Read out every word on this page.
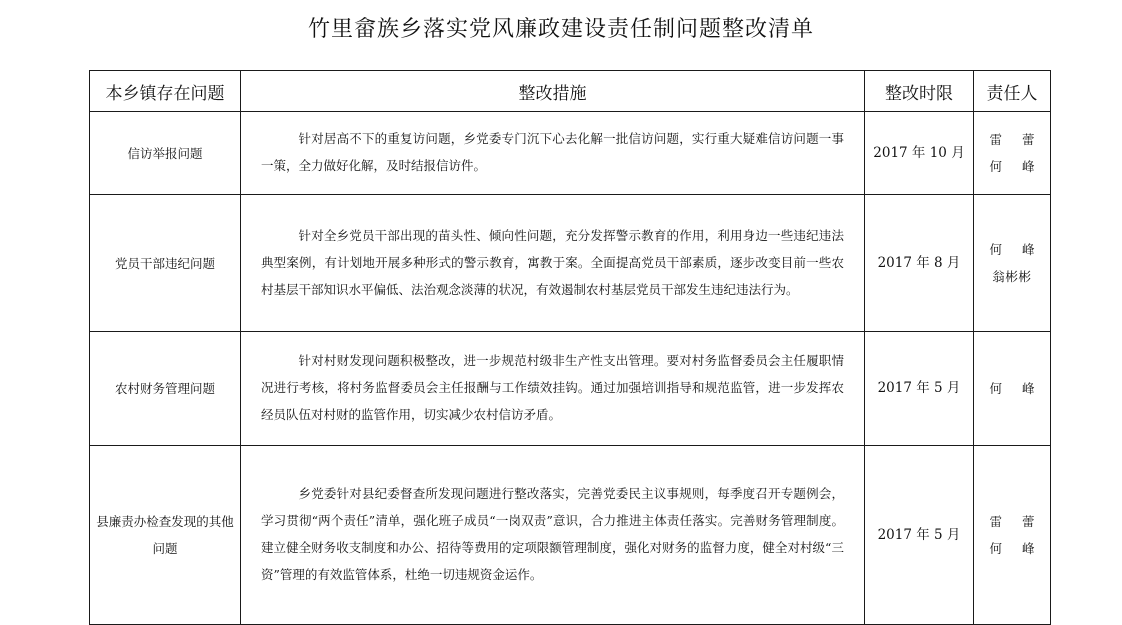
竹里畲族乡落实党风廉政建设责任制问题整改清单
本乡镇存在问题	整改措施	整改时限	责任人
信访举报问题	针对居高不下的重复访问题，乡党委专门沉下心去化解一批信访问题，实行重大疑难信访问题一事一策，全力做好化解，及时结报信访件。	2017 年 10 月	雷蕾
何峰

党员干部违纪问题	针对全乡党员干部出现的苗头性、倾向性问题，充分发挥警示教育的作用，利用身边一些违纪违法典型案例，有计划地开展多种形式的警示教育，寓教于案。全面提高党员干部素质，逐步改变目前一些农村基层干部知识水平偏低、法治观念淡薄的状况，有效遏制农村基层党员干部发生违纪违法行为。	2017 年 8 月	何峰
翁彬彬

农村财务管理问题	针对村财发现问题积极整改，进一步规范村级非生产性支出管理。要对村务监督委员会主任履职情况进行考核，将村务监督委员会主任报酬与工作绩效挂钩。通过加强培训指导和规范监管，进一步发挥农经员队伍对村财的监管作用，切实减少农村信访矛盾。	2017 年 5 月	何峰

县廉责办检查发现的其他问题	乡党委针对县纪委督查所发现问题进行整改落实，完善党委民主议事规则，每季度召开专题例会，学习贯彻“两个责任”清单，强化班子成员“一岗双责”意识，合力推进主体责任落实。完善财务管理制度。建立健全财务收支制度和办公、招待等费用的定项限额管理制度，强化对财务的监督力度，健全对村级“三资”管理的有效监管体系，杜绝一切违规资金运作。	2017 年 5 月	雷蕾
何峰
